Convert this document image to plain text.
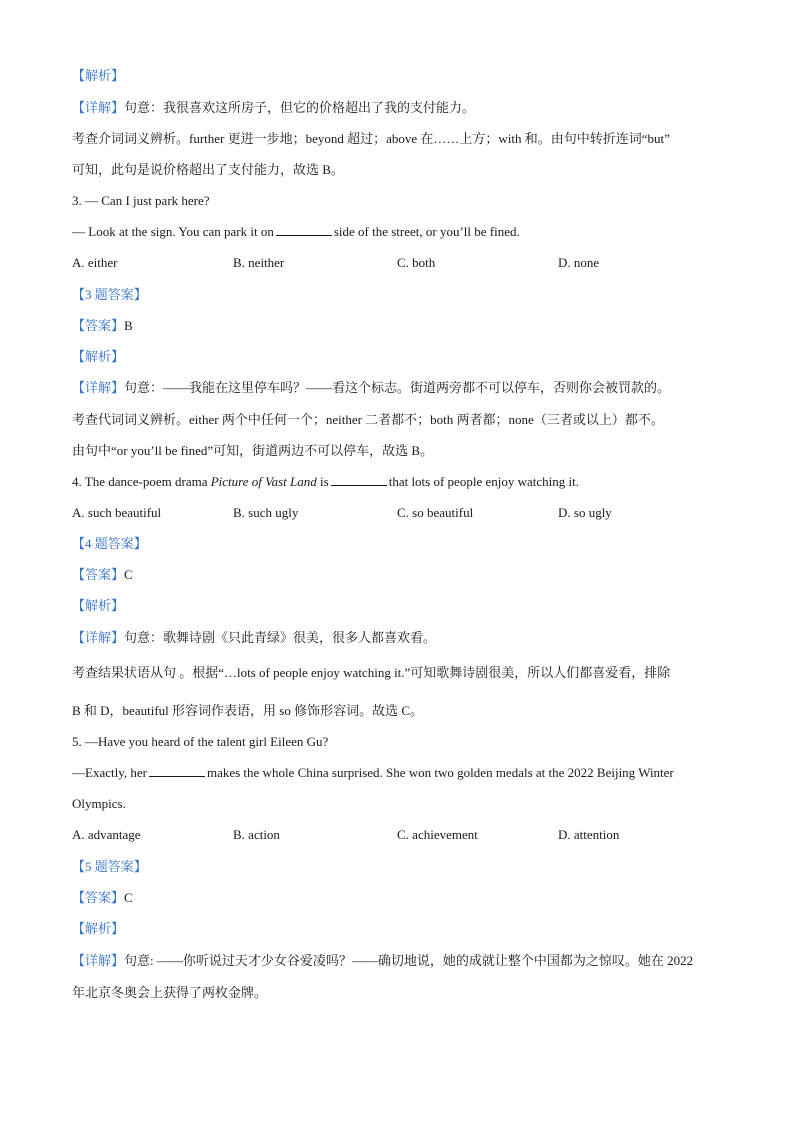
【解析】
【详解】句意：我很喜欢这所房子，但它的价格超出了我的支付能力。
考查介词词义辨析。further 更进一步地；beyond 超过；above 在……上方；with 和。由句中转折连词“but”
可知，此句是说价格超出了支付能力，故选 B。
3. — Can I just park here?
— Look at the sign. You can park it on	side of the street, or you’ll be fined.
A. either	B. neither	C. both	D. none
【3 题答案】
【答案】B
【解析】
【详解】句意：——我能在这里停车吗？——看这个标志。街道两旁都不可以停车，否则你会被罚款的。
考查代词词义辨析。either 两个中任何一个；neither 二者都不；both 两者都；none（三者或以上）都不。
由句中“or you’ll be fined”可知，街道两边不可以停车，故选 B。
4. The dance-poem drama Picture of Vast Land is	that lots of people enjoy watching it.
A. such beautiful	B. such ugly	C. so beautiful	D. so ugly
【4 题答案】
【答案】C
【解析】
【详解】句意：歌舞诗剧《只此青绿》很美，很多人都喜欢看。
考查结果状语从句 。根据“…lots of people enjoy watching it.”可知歌舞诗剧很美，所以人们都喜爱看，排除
B 和 D，beautiful 形容词作表语，用 so 修饰形容词。故选 C。
5. —Have you heard of the talent girl Eileen Gu?
—Exactly, her	makes the whole China surprised. She won two golden medals at the 2022 Beijing Winter
Olympics.
A. advantage	B. action	C. achievement	D. attention
【5 题答案】
【答案】C
【解析】
【详解】句意: ——你听说过天才少女谷爱凌吗？——确切地说，她的成就让整个中国都为之惊叹。她在 2022
年北京冬奥会上获得了两枚金牌。
